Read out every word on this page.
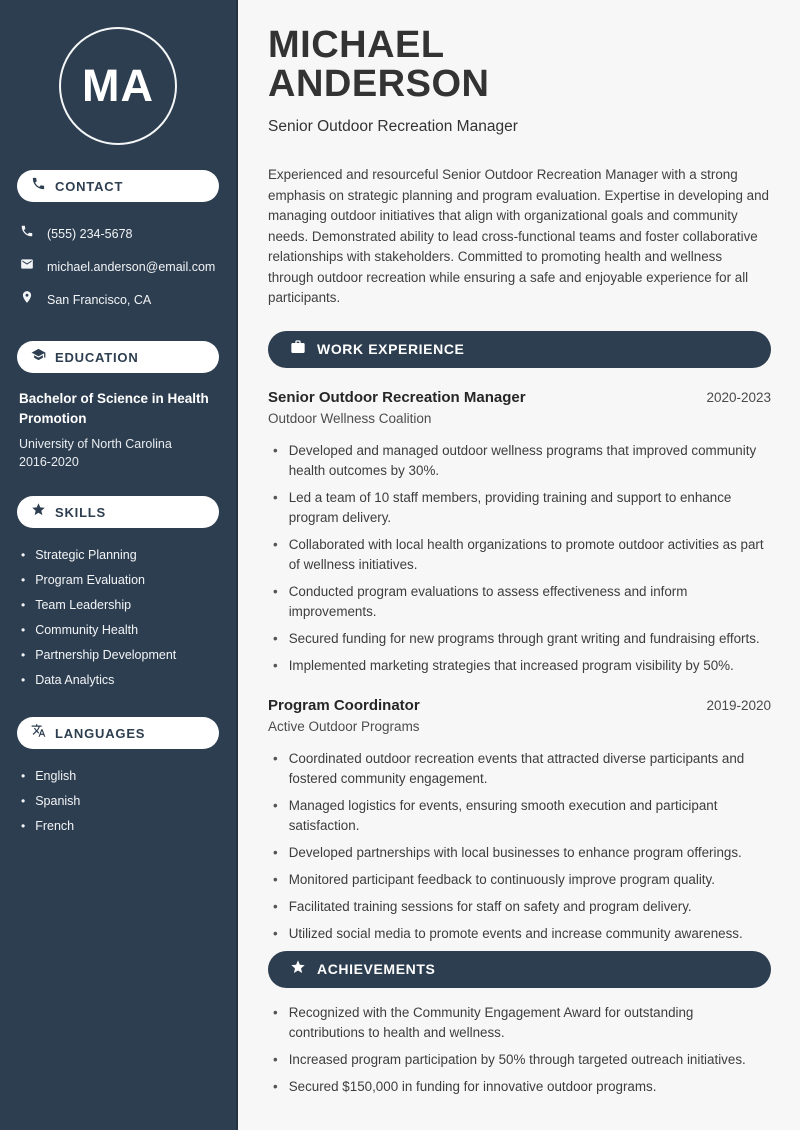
MA
CONTACT
(555) 234-5678
michael.anderson@email.com
San Francisco, CA
EDUCATION
Bachelor of Science in Health Promotion
University of North Carolina
2016-2020
SKILLS
• Strategic Planning
• Program Evaluation
• Team Leadership
• Community Health
• Partnership Development
• Data Analytics
LANGUAGES
• English
• Spanish
• French
MICHAEL
ANDERSON
Senior Outdoor Recreation Manager

Experienced and resourceful Senior Outdoor Recreation Manager with a strong emphasis on strategic planning and program evaluation. Expertise in developing and managing outdoor initiatives that align with organizational goals and community needs. Demonstrated ability to lead cross-functional teams and foster collaborative relationships with stakeholders. Committed to promoting health and wellness through outdoor recreation while ensuring a safe and enjoyable experience for all participants.

WORK EXPERIENCE
Senior Outdoor Recreation Manager	2020-2023
Outdoor Wellness Coalition
• Developed and managed outdoor wellness programs that improved community health outcomes by 30%.
• Led a team of 10 staff members, providing training and support to enhance program delivery.
• Collaborated with local health organizations to promote outdoor activities as part of wellness initiatives.
• Conducted program evaluations to assess effectiveness and inform improvements.
• Secured funding for new programs through grant writing and fundraising efforts.
• Implemented marketing strategies that increased program visibility by 50%.
Program Coordinator	2019-2020
Active Outdoor Programs
• Coordinated outdoor recreation events that attracted diverse participants and fostered community engagement.
• Managed logistics for events, ensuring smooth execution and participant satisfaction.
• Developed partnerships with local businesses to enhance program offerings.
• Monitored participant feedback to continuously improve program quality.
• Facilitated training sessions for staff on safety and program delivery.
• Utilized social media to promote events and increase community awareness.
ACHIEVEMENTS
• Recognized with the Community Engagement Award for outstanding contributions to health and wellness.
• Increased program participation by 50% through targeted outreach initiatives.
• Secured $150,000 in funding for innovative outdoor programs.
